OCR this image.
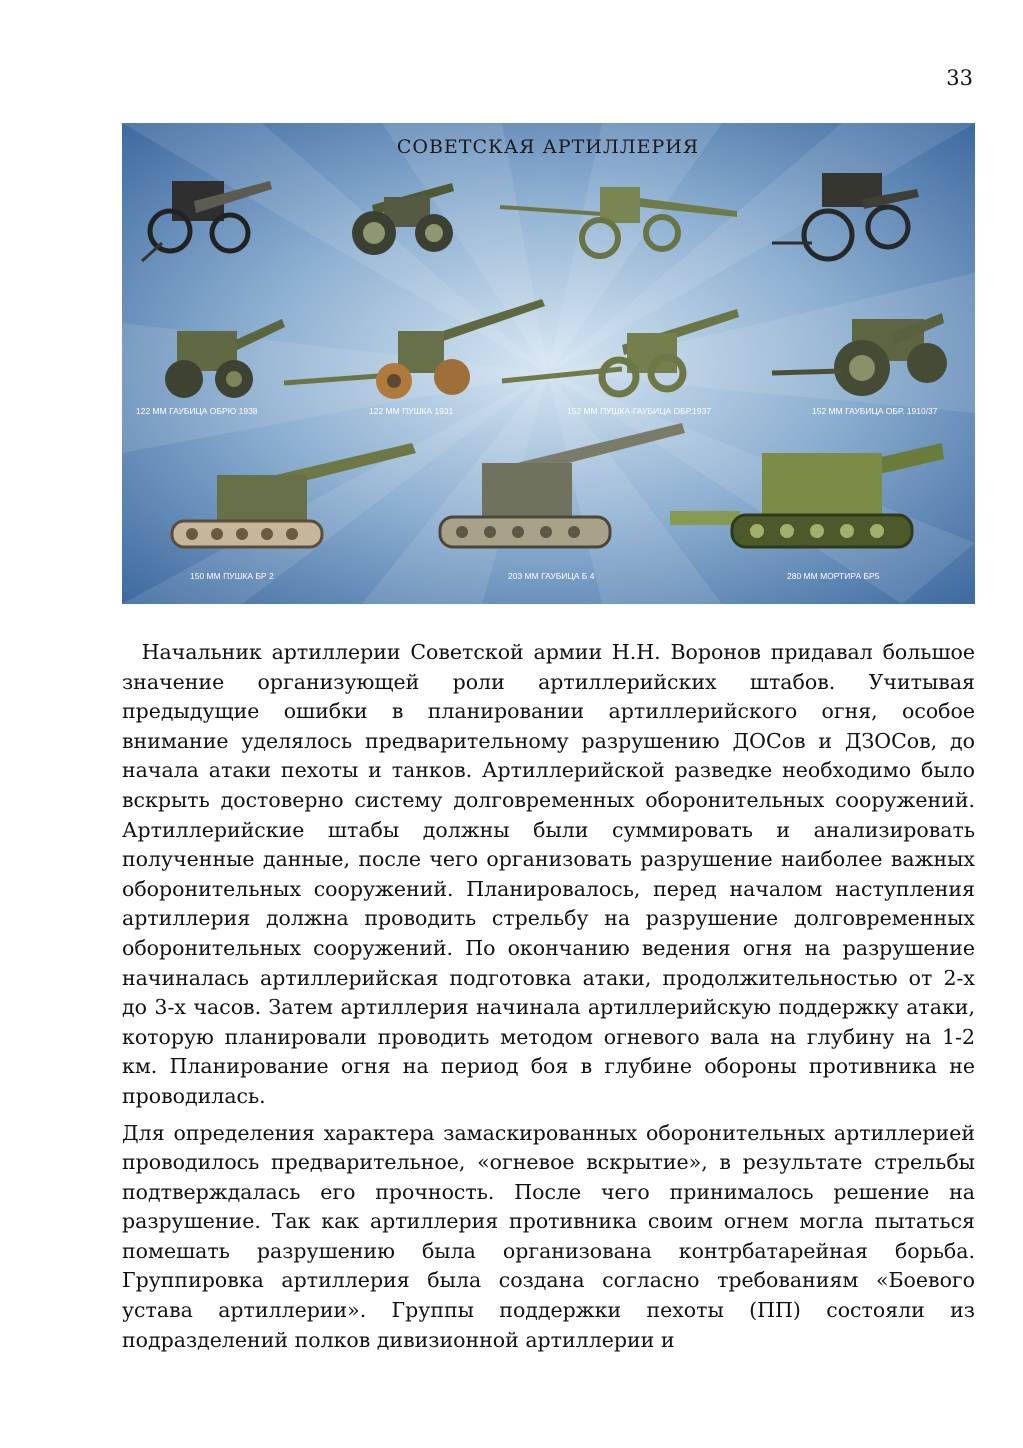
33
СОВЕТСКАЯ АРТИЛЛЕРИЯ
122 ММ ГАУБИЦА ОБРЮ 1938	122 ММ ПУШКА 1931	152 ММ ПУШКА-ГАУБИЦА ОБР.1937	152 ММ ГАУБИЦА ОБР. 1910/37
150 ММ ПУШКА БР 2	203 ММ ГАУБИЦА Б 4	280 ММ МОРТИРА БР5

Начальник артиллерии Советской армии Н.Н. Воронов придавал большое значение организующей роли артиллерийских штабов. Учитывая предыдущие ошибки в планировании артиллерийского огня, особое внимание уделялось предварительному разрушению ДОСов и ДЗОСов, до начала атаки пехоты и танков. Артиллерийской разведке необходимо было вскрыть достоверно систему долговременных оборонительных сооружений. Артиллерийские штабы должны были суммировать и анализировать полученные данные, после чего организовать разрушение наиболее важных оборонительных сооружений. Планировалось, перед началом наступления артиллерия должна проводить стрельбу на разрушение долговременных оборонительных сооружений. По окончанию ведения огня на разрушение начиналась артиллерийская подготовка атаки, продолжительностью от 2-х до 3-х часов. Затем артиллерия начинала артиллерийскую поддержку атаки, которую планировали проводить методом огневого вала на глубину на 1-2 км. Планирование огня на период боя в глубине обороны противника не проводилась.

Для определения характера замаскированных оборонительных артиллерией проводилось предварительное, «огневое вскрытие», в результате стрельбы подтверждалась его прочность. После чего принималось решение на разрушение. Так как артиллерия противника своим огнем могла пытаться помешать разрушению была организована контрбатарейная борьба. Группировка артиллерия была создана согласно требованиям «Боевого устава артиллерии». Группы поддержки пехоты (ПП) состояли из подразделений полков дивизионной артиллерии и
